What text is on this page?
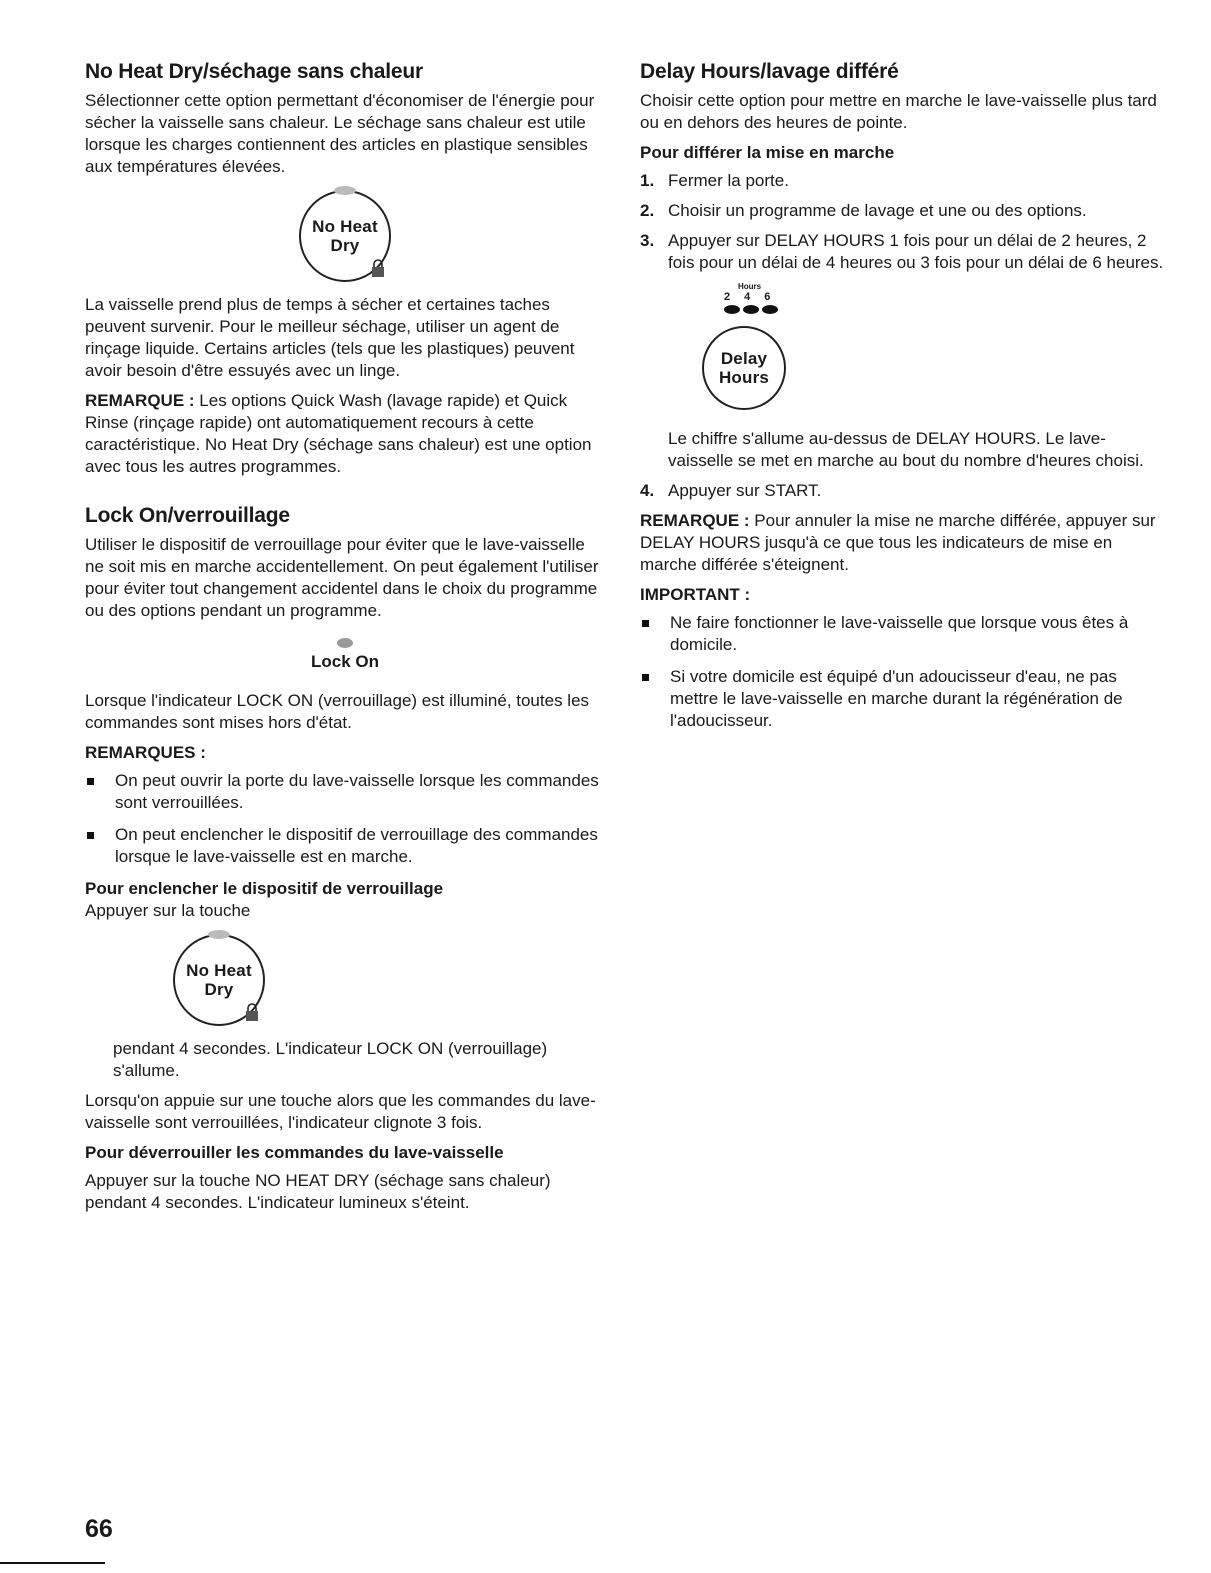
No Heat Dry/séchage sans chaleur

Sélectionner cette option permettant d'économiser de l'énergie pour sécher la vaisselle sans chaleur. Le séchage sans chaleur est utile lorsque les charges contiennent des articles en plastique sensibles aux températures élevées.

No Heat
Dry

La vaisselle prend plus de temps à sécher et certaines taches peuvent survenir. Pour le meilleur séchage, utiliser un agent de rinçage liquide. Certains articles (tels que les plastiques) peuvent avoir besoin d'être essuyés avec un linge.

REMARQUE : Les options Quick Wash (lavage rapide) et Quick Rinse (rinçage rapide) ont automatiquement recours à cette caractéristique. No Heat Dry (séchage sans chaleur) est une option avec tous les autres programmes.

Lock On/verrouillage

Utiliser le dispositif de verrouillage pour éviter que le lave-vaisselle ne soit mis en marche accidentellement. On peut également l'utiliser pour éviter tout changement accidentel dans le choix du programme ou des options pendant un programme.

Lock On

Lorsque l'indicateur LOCK ON (verrouillage) est illuminé, toutes les commandes sont mises hors d'état.

REMARQUES :

On peut ouvrir la porte du lave-vaisselle lorsque les commandes sont verrouillées.
On peut enclencher le dispositif de verrouillage des commandes lorsque le lave-vaisselle est en marche.

Pour enclencher le dispositif de verrouillage

Appuyer sur la touche

No Heat
Dry

pendant 4 secondes. L'indicateur LOCK ON (verrouillage) s'allume.

Lorsqu'on appuie sur une touche alors que les commandes du lave-vaisselle sont verrouillées, l'indicateur clignote 3 fois.

Pour déverrouiller les commandes du lave-vaisselle

Appuyer sur la touche NO HEAT DRY (séchage sans chaleur) pendant 4 secondes. L'indicateur lumineux s'éteint.

Delay Hours/lavage différé

Choisir cette option pour mettre en marche le lave-vaisselle plus tard ou en dehors des heures de pointe.

Pour différer la mise en marche

1. Fermer la porte.
2. Choisir un programme de lavage et une ou des options.
3. Appuyer sur DELAY HOURS 1 fois pour un délai de 2 heures, 2 fois pour un délai de 4 heures ou 3 fois pour un délai de 6 heures.
Hours
2 4 6
Delay
Hours

Le chiffre s'allume au-dessus de DELAY HOURS. Le lave-vaisselle se met en marche au bout du nombre d'heures choisi.

4. Appuyer sur START.

REMARQUE : Pour annuler la mise ne marche différée, appuyer sur DELAY HOURS jusqu'à ce que tous les indicateurs de mise en marche différée s'éteignent.

IMPORTANT :

Ne faire fonctionner le lave-vaisselle que lorsque vous êtes à domicile.
Si votre domicile est équipé d'un adoucisseur d'eau, ne pas mettre le lave-vaisselle en marche durant la régénération de l'adoucisseur.
66
